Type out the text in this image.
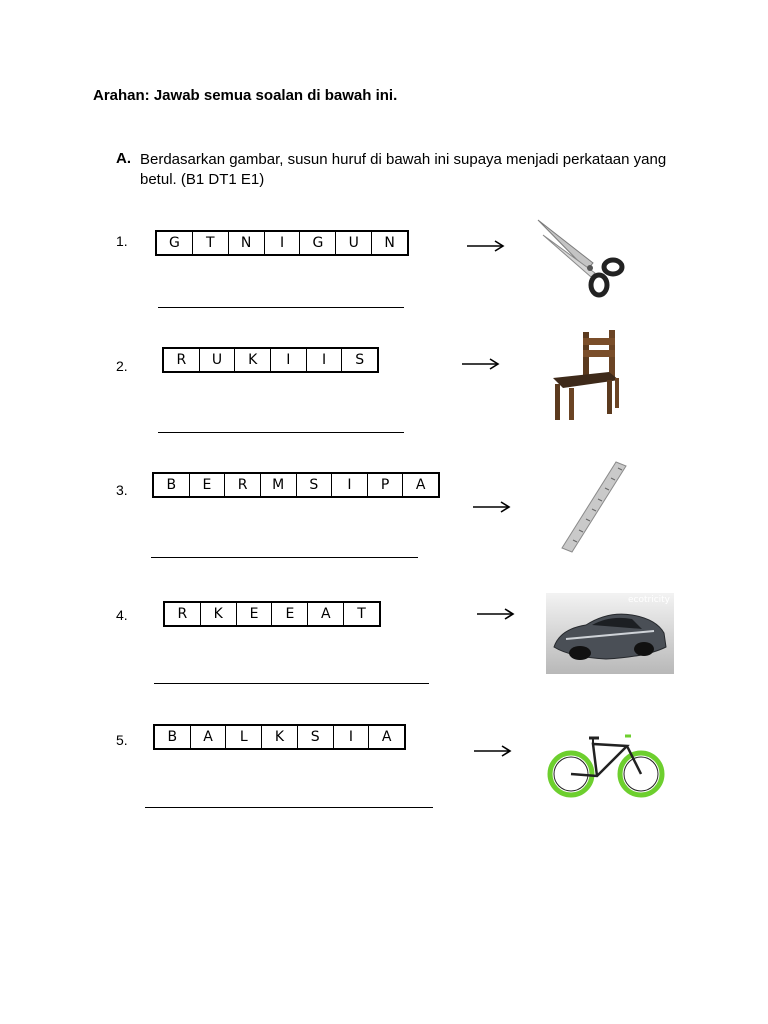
Arahan: Jawab semua soalan di bawah ini.
A. Berdasarkan gambar, susun huruf di bawah ini supaya menjadi perkataan yang betul. (B1 DT1 E1)
1.	G	T	N	I	G	U	N
2.	R	U	K	I	I	S
3.	B	E	R	M	S	I	P	A
4.	R	K	E	E	A	T
ecotricity
5.	B	A	L	K	S	I	A
